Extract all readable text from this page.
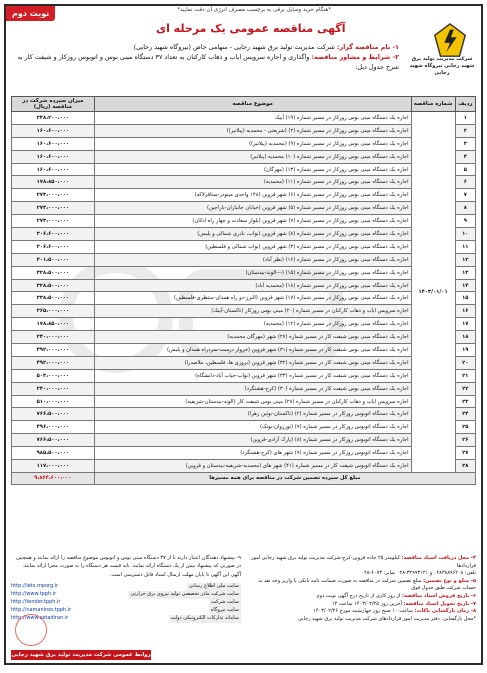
نوبت دوم	*هنگام خرید وسایل برقی به برچسب مصرف انرژی آن دقت نمایید*
شرکت مدیریت تولید برق شهید رجایی نیروگاه شهید رجایی
آگهی مناقصه عمومی یک مرحله ای
۱- نام مناقصه گزار: شرکت مدیریت تولید برق شهید رجایی - سهامی خاص (نیروگاه شهید رجایی)
۲- شرایط و مشاور مناقصه: واگذاری و اجاره سرویس ایاب و ذهاب کارکنان به تعداد ۳۷ دستگاه مینی بوس و اتوبوس روزکار و شیفت کار به شرح جدول ذیل:
ردیف	شماره مناقصه	موضوع مناقصه	میزان سپرده شرکت در مناقصه (ریال)
۱	۱۴۰۳/۰۱/۰۱	اجاره یک دستگاه مینی بوس روزکار در مسیر شماره (۱۹) آبیک	۲۴۸،۲۰۰،۰۰۰
۲		اجاره یک دستگاه مینی بوس روزکار در مسیر شماره (۲) (شریعتی - محمدیه (پیلاتیر))	۱۶۰،۶۰۰،۰۰۰
۳		اجاره یک دستگاه مینی بوس روزکار در مسیر شماره (۹) (محمدیه (پیلاتیر))	۱۶۰،۶۰۰،۰۰۰
۴		اجاره یک دستگاه مینی بوس روزکار در مسیر شماره (۱۰) محمدیه (پیلاتیر)	۱۶۰،۶۰۰،۰۰۰
۵		اجاره یک دستگاه مینی بوس روزکار در مسیر شماره (۱۳) (مهرگان)	۱۶۰،۶۰۰،۰۰۰
۶		اجاره یک دستگاه مینی بوس روزکار در مسیر شماره (۱۱) (محمدیه)	۱۷۸،۸۵۰،۰۰۰
۷		اجاره یک دستگاه مینی بوس روزکار در مسیر شماره (۶) شهر قزوین (۱۴۸ واحدی مینودر-ستاقرلاکه)	۲۷۳،۰۰۰،۰۰۰
۸		اجاره یک دستگاه مینی بوس روزکار در مسیر شماره (۵) شهر قزوین (خیابان جانبازان-باراجین)	۲۷۳،۰۰۰،۰۰۰
۹		اجاره یک دستگاه مینی بوس روزکار در مسیر شماره (۷) شهر قزوین (بلوار سعادت و چهار راه ادکان)	۲۷۳،۰۰۰،۰۰۰
۱۰		اجاره یک دستگاه مینی بوس روزکار در مسیر شماره (۸) شهر قزوین (نواب، نادری شمالی و پلیس)	۳۰۶،۶۰۰،۰۰۰
۱۱		اجاره یک دستگاه مینی بوس روزکار در مسیر شماره (۳) شهر قزوین (نواب شمالی و فلسطین)	۳۰۶،۶۰۰،۰۰۰
۱۲		اجاره یک دستگاه مینی بوس روزکار در مسیر شماره (۱۶) (نظر آباد)	۴۰۱،۵۰۰،۰۰۰
۱۳		اجاره یک دستگاه مینی بوس روزکار در مسیر شماره (۱۵) (---الوند-بیدستان)	۳۲۸،۵۰۰،۰۰۰
۱۴		اجاره یک دستگاه مینی بوس روزکار در مسیر شماره (۱۸) (محمدیه آباد)	۳۲۸،۵۰۰،۰۰۰
۱۵		اجاره یک دستگاه مینی بوس روزکار در مسیر شماره (۱۷) شهر قزوین (البرز-دو راه همدان-منتظری-فلسطین)	۳۳۸،۵۰۰،۰۰۰
۱۶		اجاره سرویس ایاب و ذهاب کارکنان در مسیر شماره (۲۰) مینی بوس روزکار (تاکستان-آبیک)	۳۶۵،۰۰۰،۰۰۰
۱۷		اجاره یک دستگاه مینی بوس روزکار در مسیر شماره (۱۲) (محمدیه)	۱۷۸،۸۵۰،۰۰۰
۱۸		اجاره یک دستگاه مینی بوس شیفت کار در مسیر شماره (۲۷) شهر (مهرگان محمدیه)	۲۴۰،۰۰۰،۰۰۰
۱۹		اجاره یک دستگاه مینی بوس شیفت کار در مسیر شماره (۳۱) شهر قزوین (خروار درست-سردراه همدان و پلیس)	۴۹۲،۰۰۰،۰۰۰
۲۰		اجاره یک دستگاه مینی بوس شیفت کار در مسیر شماره (۳۲) شهر قزوین (بروزی ها، فلسطین، ملاصدرا)	۴۹۲،۰۰۰،۰۰۰
۲۱		اجاره یک دستگاه مینی بوس شیفت کار در مسیر شماره (۳۳) شهر قزوین (نواب-جیاب آباد-دانشگاه)	۵۰۳،۰۰۰،۰۰۰
۲۲		اجاره یک دستگاه مینی بوس شیفت کار در مسیر شماره (۳۰) (کرج-هشتگرد)	۲۴۰،۰۰۰،۰۰۰
۲۳		اجاره سرویس ایاب و ذهاب کارکنان در مسیر شماره (۲۸) مینی بوس شیفت کار (الوند-بیدستان-شریفیه)	۵۱۰،۰۰۰،۰۰۰
۲۴		اجاره یک دستگاه اتوبوس روزکار در مسیر شماره (۲) (تاکستان-بوئین زهرا)	۷۶۶،۵۰۰،۰۰۰
۲۵		اجاره یک دستگاه اتوبوس روزکار در مسیر شماره (۷) (نورزوان-بوتک)	۴۹۶،۰۰۰،۰۰۰
۲۶		اجاره یک دستگاه اتوبوس روزکار در مسیر شماره (۸) (پارک آزادی-قزوین)	۷۶۶،۵۰۰،۰۰۰
۲۷		اجاره یک دستگاه اتوبوس روزکار در مسیر شماره (۷) شهر های (کرج-هشتگرد)	۹۸۵،۵۰۰،۰۰۰
۲۸		اجاره یک دستگاه اتوبوس شیفت کار در مسیر شماره (۴۱) شهر های (محمدیه-شریفیه-بیدستان و قزوین)	۱۱۷،۰۰۰،۰۰۰
مبلغ کل سپرده تضمین شرکت در مناقصه برای همه مسیرها			۹،۸۶۴،۶۰۰،۰۰۰
۴- محل دریافت اسناد مناقصه: کیلومتر ۲۵ جاده قزوین-کرج-شرکت مدیریت تولید برق شهید رجایی امور قراردادها
تلفن: ۰۲۸۳۸۸۹۶۲۰۸ و ۳۲۹۹۳۱۲۱-۰۲۸ نمابر: ۶۰۷۳-۰۲۸
۵- مبلغ و نوع تضمین: مبلغ تضمین شرکت در مناقصه به صورت ضمانت نامه بانکی یا واریز وجه نقد به حساب شرکت طبق جدول فوق
۶- تاریخ فروش اسناد مناقصه: از روز کاری از تاریخ درج آگهی نوبت دوم
۷- تاریخ تحویل اسناد مناقصه: آخرین روز ۱۴۰۳/۰۲/۲۵ ساعت ۱۴
۸- زمان بازگشایی پاکات: ساعت ۱۰ صبح روز چهارشنبه مورخ ۱۴۰۳/۰۲/۲۶
*محل بازگشایی: دفتر مدیریت امور قراردادهای شرکت مدیریت تولید برق شهید رجایی

۹- پیشنهاد دهندگان اعتبار دارند تا از ۳۷ دستگاه مینی بوس و اتوبوس موضوع مناقصه را ارائه نمایند و همچنین در صورتی که پیشنهاد بیش از یک دستگاه ارائه نمایند، باید قیمت هر دستگاه را به صورت مجزا ارائه نمایند.

آگهی این آگهی تا پایان مهلت ارسال اسناد قابل دسترسی است.

سایت ملی اطلاع رسانی
http://iets.mporg.ir
سایت شرکت مادر تخصصی تولید نیروی برق حرارتی
http://www.tpph.ir
سایت شرکت
http://tender.tpph.ir
سایت نیروگاه
http://namaniroo.tpph.ir
سامانه تدارکات الکترونیکی دولت
http://www.setadiran.ir
روابط عمومی شرکت مدیریت تولید برق شهید رجایی
